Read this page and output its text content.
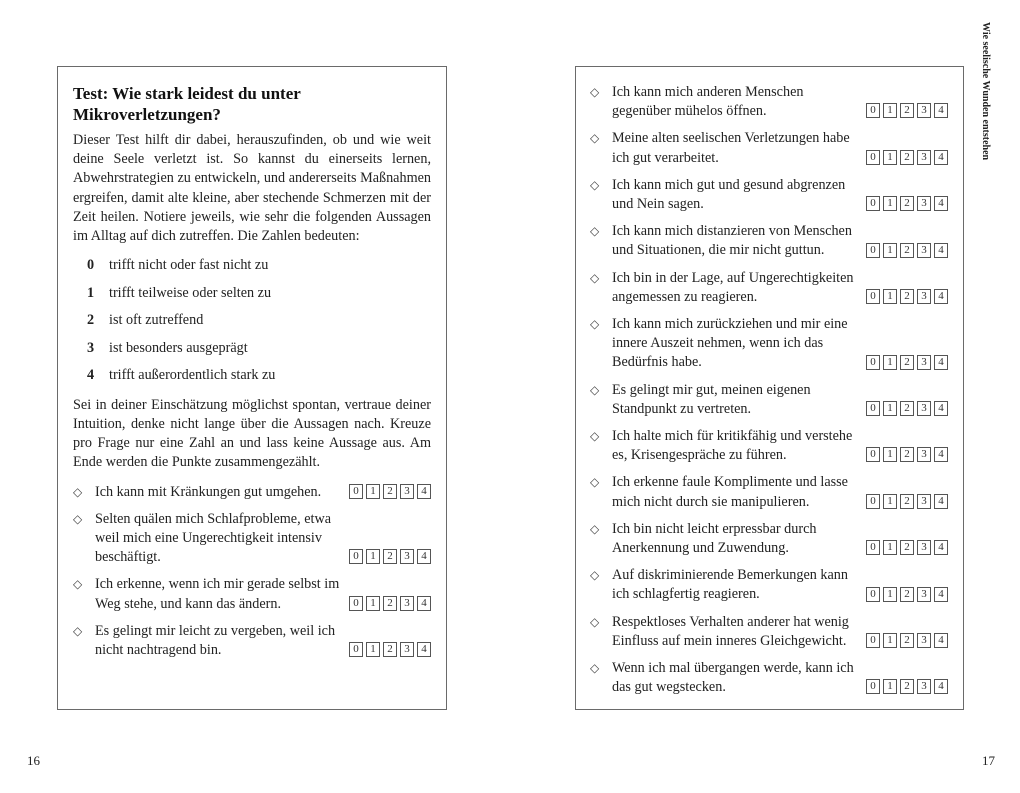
Test: Wie stark leidest du unter Mikroverletzungen?

Dieser Test hilft dir dabei, herauszufinden, ob und wie weit deine Seele verletzt ist. So kannst du einerseits lernen, Abwehrstrategien zu entwickeln, und andererseits Maßnahmen ergreifen, damit alte kleine, aber stechende Schmerzen mit der Zeit heilen. Notiere jeweils, wie sehr die folgenden Aussagen im Alltag auf dich zutreffen. Die Zahlen bedeuten:

0	trifft nicht oder fast nicht zu
1	trifft teilweise oder selten zu
2	ist oft zutreffend
3	ist besonders ausgeprägt
4	trifft außerordentlich stark zu

Sei in deiner Einschätzung möglichst spontan, vertraue deiner Intuition, denke nicht lange über die Aussagen nach. Kreuze pro Frage nur eine Zahl an und lass keine Aussage aus. Am Ende werden die Punkte zusammengezählt.

◇ Ich kann mit Kränkungen gut umgehen.	0	1	2	3	4
◇ Selten quälen mich Schlafprobleme, etwa weil mich eine Ungerechtigkeit intensiv beschäftigt.	0	1	2	3	4
◇ Ich erkenne, wenn ich mir gerade selbst im Weg stehe, und kann das ändern.	0	1	2	3	4
◇ Es gelingt mir leicht zu vergeben, weil ich nicht nachtragend bin.	0	1	2	3	4
16
◇ Ich kann mich anderen Menschen gegenüber mühelos öffnen.	0	1	2	3	4
◇ Meine alten seelischen Verletzungen habe ich gut verarbeitet.	0	1	2	3	4
◇ Ich kann mich gut und gesund abgrenzen und Nein sagen.	0	1	2	3	4
◇ Ich kann mich distanzieren von Menschen und Situationen, die mir nicht guttun.	0	1	2	3	4
◇ Ich bin in der Lage, auf Ungerechtigkeiten angemessen zu reagieren.	0	1	2	3	4
◇ Ich kann mich zurückziehen und mir eine innere Auszeit nehmen, wenn ich das Bedürfnis habe.	0	1	2	3	4
◇ Es gelingt mir gut, meinen eigenen Standpunkt zu vertreten.	0	1	2	3	4
◇ Ich halte mich für kritikfähig und verstehe es, Krisengespräche zu führen.	0	1	2	3	4
◇ Ich erkenne faule Komplimente und lasse mich nicht durch sie manipulieren.	0	1	2	3	4
◇ Ich bin nicht leicht erpressbar durch Anerkennung und Zuwendung.	0	1	2	3	4
◇ Auf diskriminierende Bemerkungen kann ich schlagfertig reagieren.	0	1	2	3	4
◇ Respektloses Verhalten anderer hat wenig Einfluss auf mein inneres Gleichgewicht.	0	1	2	3	4
◇ Wenn ich mal übergangen werde, kann ich das gut wegstecken.	0	1	2	3	4
Wie seelische Wunden entstehen
17
